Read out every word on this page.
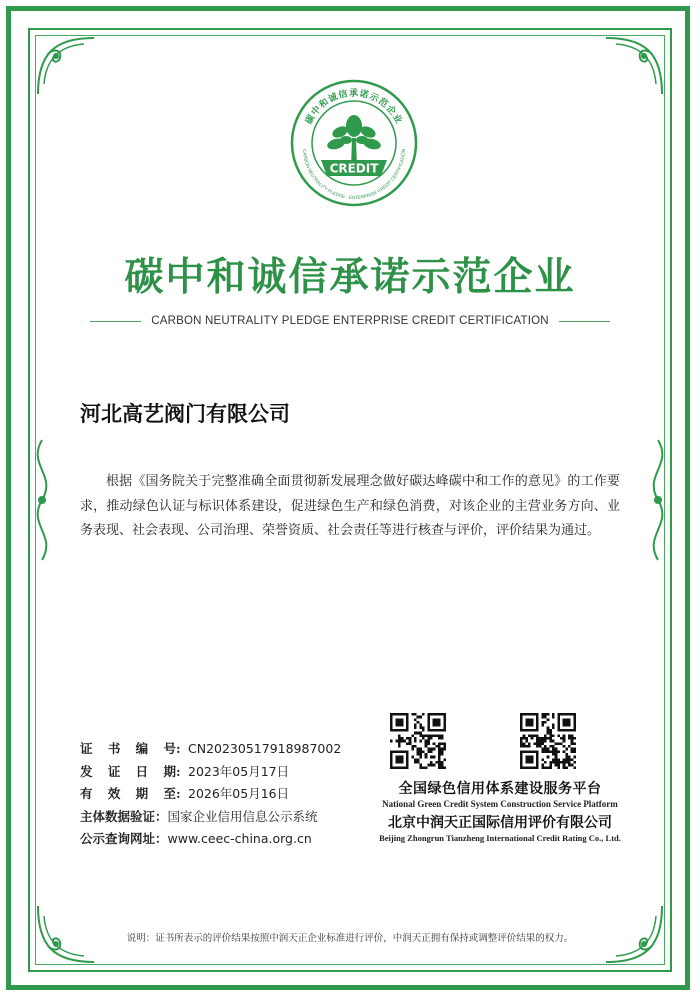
碳中和诚信承诺示范企业
CARBON NEUTRALITY PLEDGE · ENTERPRISE CREDIT CERTIFICATION
CREDIT
碳中和诚信承诺示范企业
CARBON NEUTRALITY PLEDGE ENTERPRISE CREDIT CERTIFICATION
河北高艺阀门有限公司
根据《国务院关于完整准确全面贯彻新发展理念做好碳达峰碳中和工作的意见》的工作要求，推动绿色认证与标识体系建设，促进绿色生产和绿色消费，对该企业的主营业务方向、业务表现、社会表现、公司治理、荣誉资质、社会责任等进行核查与评价，评价结果为通过。
证书编号 : CN20230517918987002
发证日期 : 2023年05月17日
有效期至 : 2026年05月16日
主体数据验证： 国家企业信用信息公示系统
公示查询网址： www.ceec-china.org.cn
全国绿色信用体系建设服务平台
National Green Credit System Construction Service Platform
北京中润天正国际信用评价有限公司
Beijing Zhongrun Tianzheng International Credit Rating Co., Ltd.
说明：证书所表示的评价结果按照中润天正企业标准进行评价，中润天正拥有保持或调整评价结果的权力。
